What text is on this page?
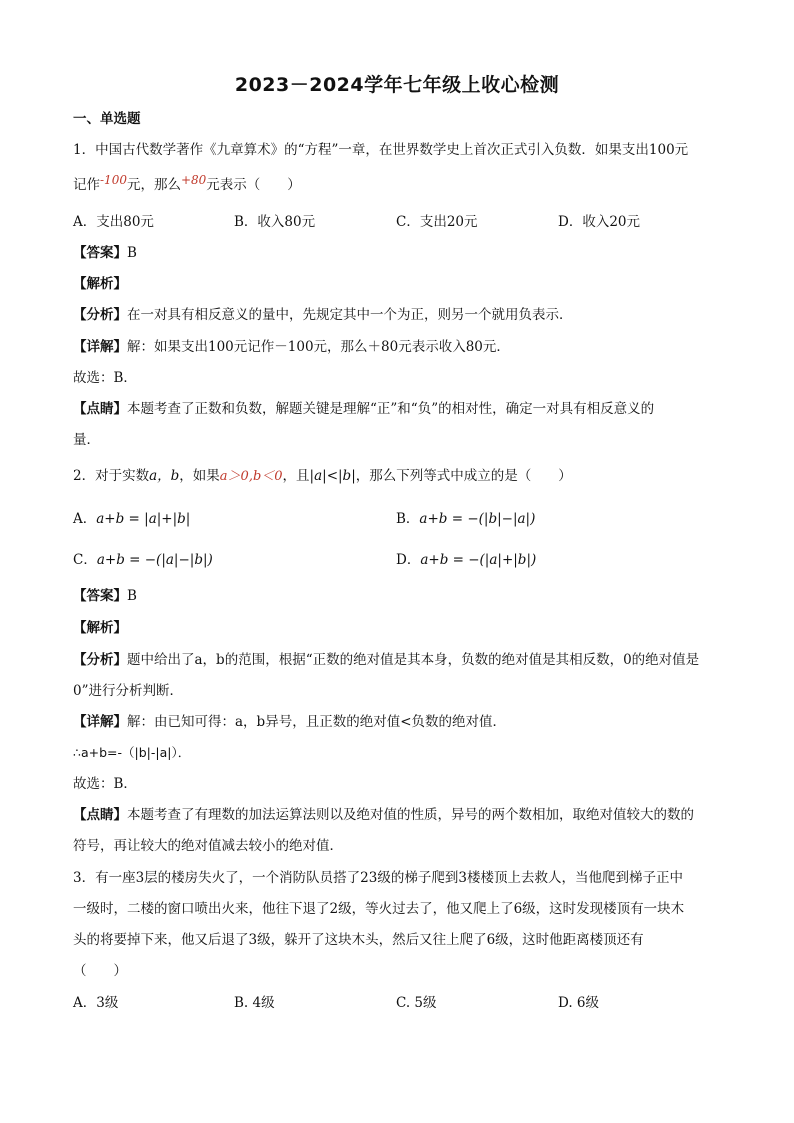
2023－2024学年七年级上收心检测
一、单选题
1．中国古代数学著作《九章算术》的“方程”一章，在世界数学史上首次正式引入负数．如果支出100元
记作-100元，那么+80元表示（　　）
A．支出80元	B．收入80元	C．支出20元	D．收入20元
【答案】B
【解析】
【分析】在一对具有相反意义的量中，先规定其中一个为正，则另一个就用负表示．
【详解】解：如果支出100元记作－100元，那么＋80元表示收入80元．
故选：B．
【点睛】本题考查了正数和负数，解题关键是理解“正”和“负”的相对性，确定一对具有相反意义的
量．
2．对于实数a，b，如果a＞0,b＜0，且|a|<|b|，那么下列等式中成立的是（　　）
A．a+b = |a|+|b|	B．a+b = −(|b|−|a|)
C．a+b = −(|a|−|b|)	D．a+b = −(|a|+|b|)
【答案】B
【解析】
【分析】题中给出了a，b的范围，根据“正数的绝对值是其本身，负数的绝对值是其相反数，0的绝对值是
0”进行分析判断．
【详解】解：由已知可得：a，b异号，且正数的绝对值<负数的绝对值．
∴a+b=-（|b|-|a|）．
故选：B．
【点睛】本题考查了有理数的加法运算法则以及绝对值的性质，异号的两个数相加，取绝对值较大的数的
符号，再让较大的绝对值减去较小的绝对值．
3．有一座3层的楼房失火了，一个消防队员搭了23级的梯子爬到3楼楼顶上去救人，当他爬到梯子正中
一级时，二楼的窗口喷出火来，他往下退了2级，等火过去了，他又爬上了6级，这时发现楼顶有一块木
头的将要掉下来，他又后退了3级，躲开了这块木头，然后又往上爬了6级，这时他距离楼顶还有
（　　）
A．3级	B. 4级	C. 5级	D. 6级
